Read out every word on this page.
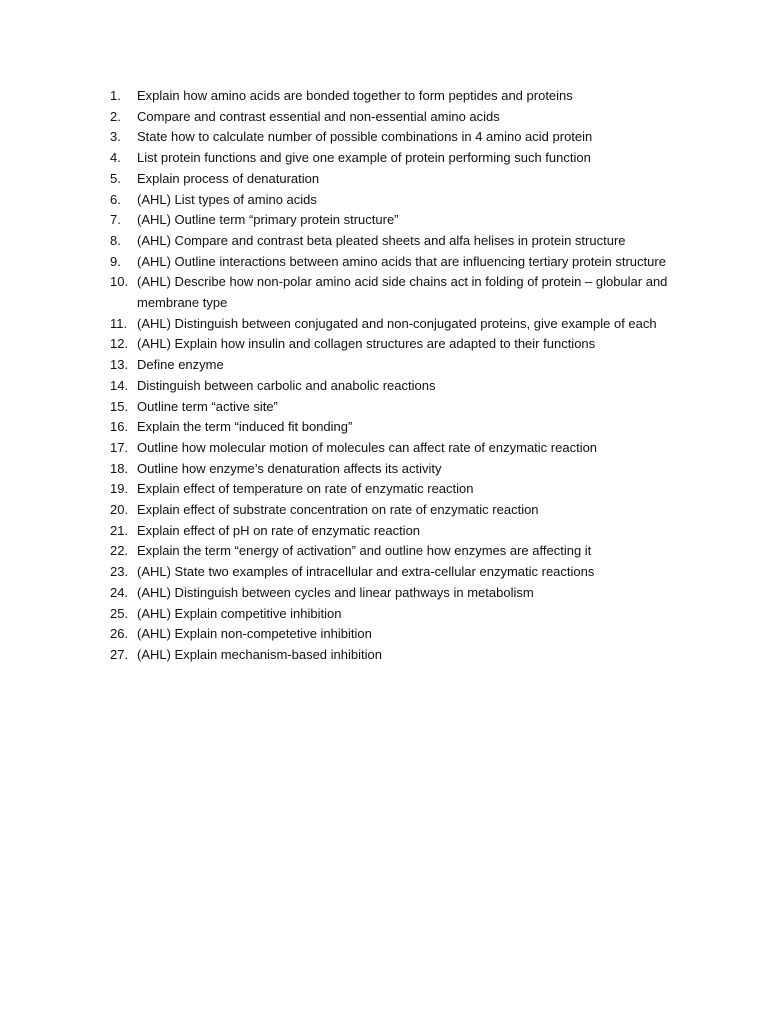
1.	Explain how amino acids are bonded together to form peptides and proteins
2.	Compare and contrast essential and non-essential amino acids
3.	State how to calculate number of possible combinations in 4 amino acid protein
4.	List protein functions and give one example of protein performing such function
5.	Explain process of denaturation
6.	(AHL) List types of amino acids
7.	(AHL) Outline term “primary protein structure”
8.	(AHL) Compare and contrast beta pleated sheets and alfa helises in protein structure
9.	(AHL) Outline interactions between amino acids that are influencing tertiary protein structure
10. (AHL) Describe how non-polar amino acid side chains act in folding of protein – globular and membrane type
11. (AHL) Distinguish between conjugated and non-conjugated proteins, give example of each
12. (AHL) Explain how insulin and collagen structures are adapted to their functions
13. Define enzyme
14. Distinguish between carbolic and anabolic reactions
15. Outline term “active site”
16. Explain the term “induced fit bonding”
17. Outline how molecular motion of molecules can affect rate of enzymatic reaction
18. Outline how enzyme’s denaturation affects its activity
19. Explain effect of temperature on rate of enzymatic reaction
20. Explain effect of substrate concentration on rate of enzymatic reaction
21. Explain effect of pH on rate of enzymatic reaction
22. Explain the term “energy of activation” and outline how enzymes are affecting it
23. (AHL) State two examples of intracellular and extra-cellular enzymatic reactions
24. (AHL) Distinguish between cycles and linear pathways in metabolism
25. (AHL) Explain competitive inhibition
26. (AHL) Explain non-competetive inhibition
27. (AHL) Explain mechanism-based inhibition
